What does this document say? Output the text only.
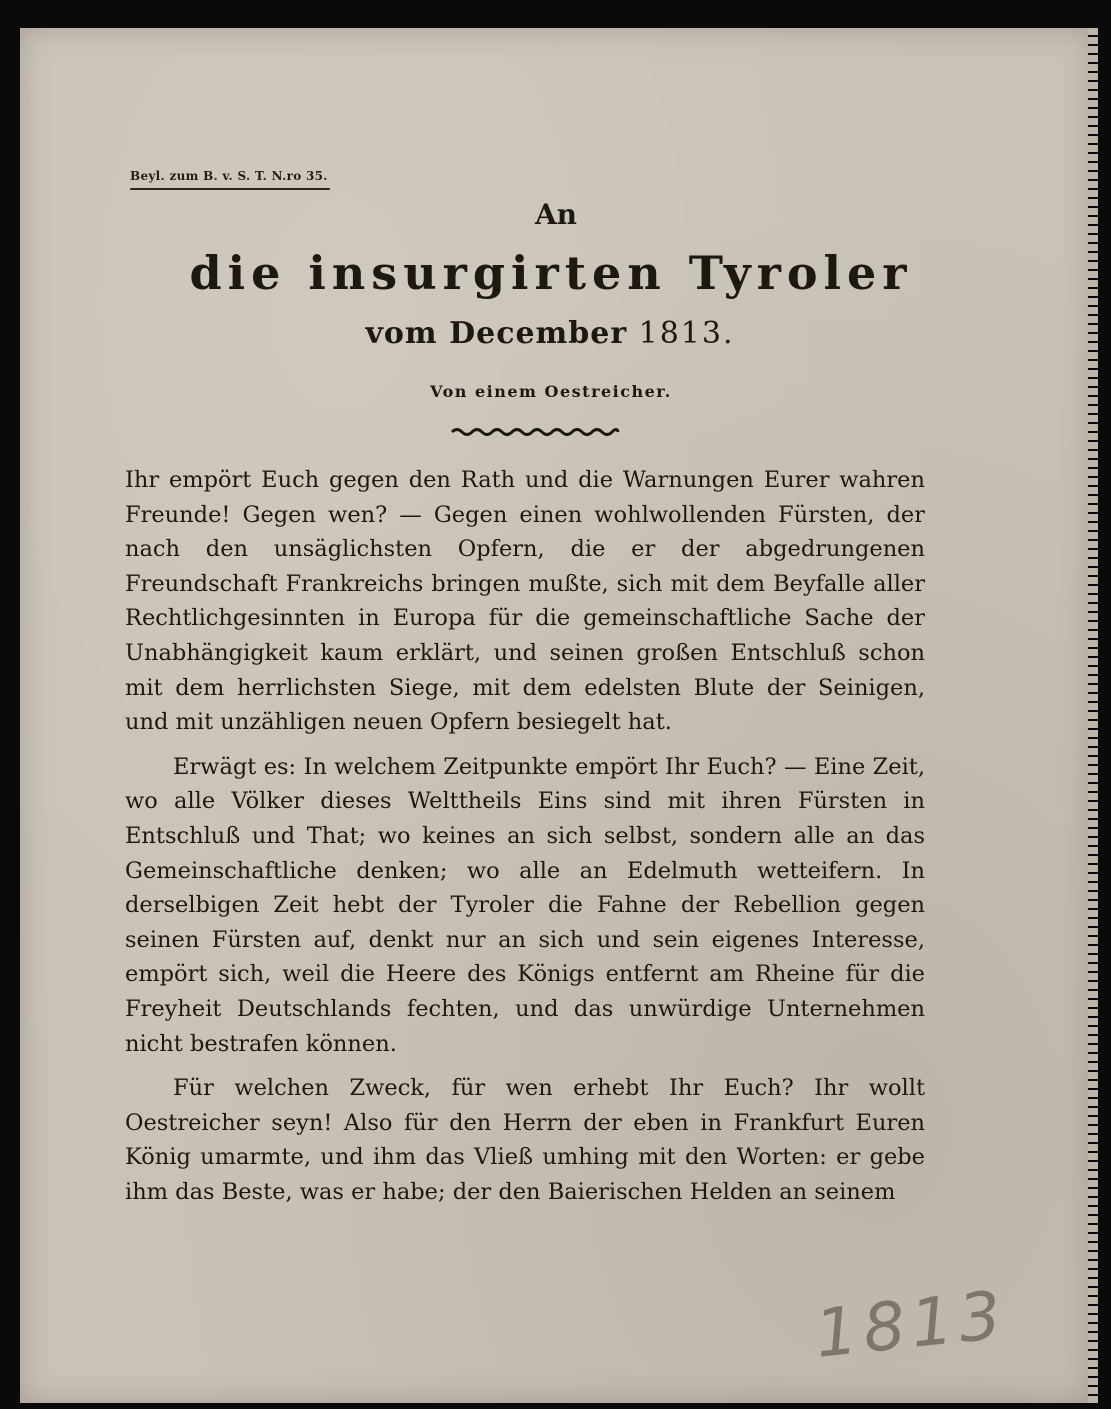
Beyl. zum B. v. S. T. N.ro 35.
An
die insurgirten Tyroler
vom December 1813.
Von einem Oestreicher.

Ihr empört Euch gegen den Rath und die Warnungen Eurer wahren Freunde! Gegen wen? — Gegen einen wohlwollenden Fürsten, der nach den unsäglichsten Opfern, die er der abgedrungenen Freundschaft Frankreichs bringen mußte, sich mit dem Beyfalle aller Rechtlichgesinnten in Europa für die gemeinschaftliche Sache der Unabhängigkeit kaum erklärt, und seinen großen Entschluß schon mit dem herrlichsten Siege, mit dem edelsten Blute der Seinigen, und mit unzähligen neuen Opfern besiegelt hat.

Erwägt es: In welchem Zeitpunkte empört Ihr Euch? — Eine Zeit, wo alle Völker dieses Welttheils Eins sind mit ihren Fürsten in Entschluß und That; wo keines an sich selbst, sondern alle an das Gemeinschaftliche denken; wo alle an Edelmuth wetteifern. In derselbigen Zeit hebt der Tyroler die Fahne der Rebellion gegen seinen Fürsten auf, denkt nur an sich und sein eigenes Interesse, empört sich, weil die Heere des Königs entfernt am Rheine für die Freyheit Deutschlands fechten, und das unwürdige Unternehmen nicht bestrafen können.

Für welchen Zweck, für wen erhebt Ihr Euch? Ihr wollt Oestreicher seyn! Also für den Herrn der eben in Frankfurt Euren König umarmte, und ihm das Vließ umhing mit den Worten: er gebe ihm das Beste, was er habe; der den Baierischen Helden an seinem

1813
